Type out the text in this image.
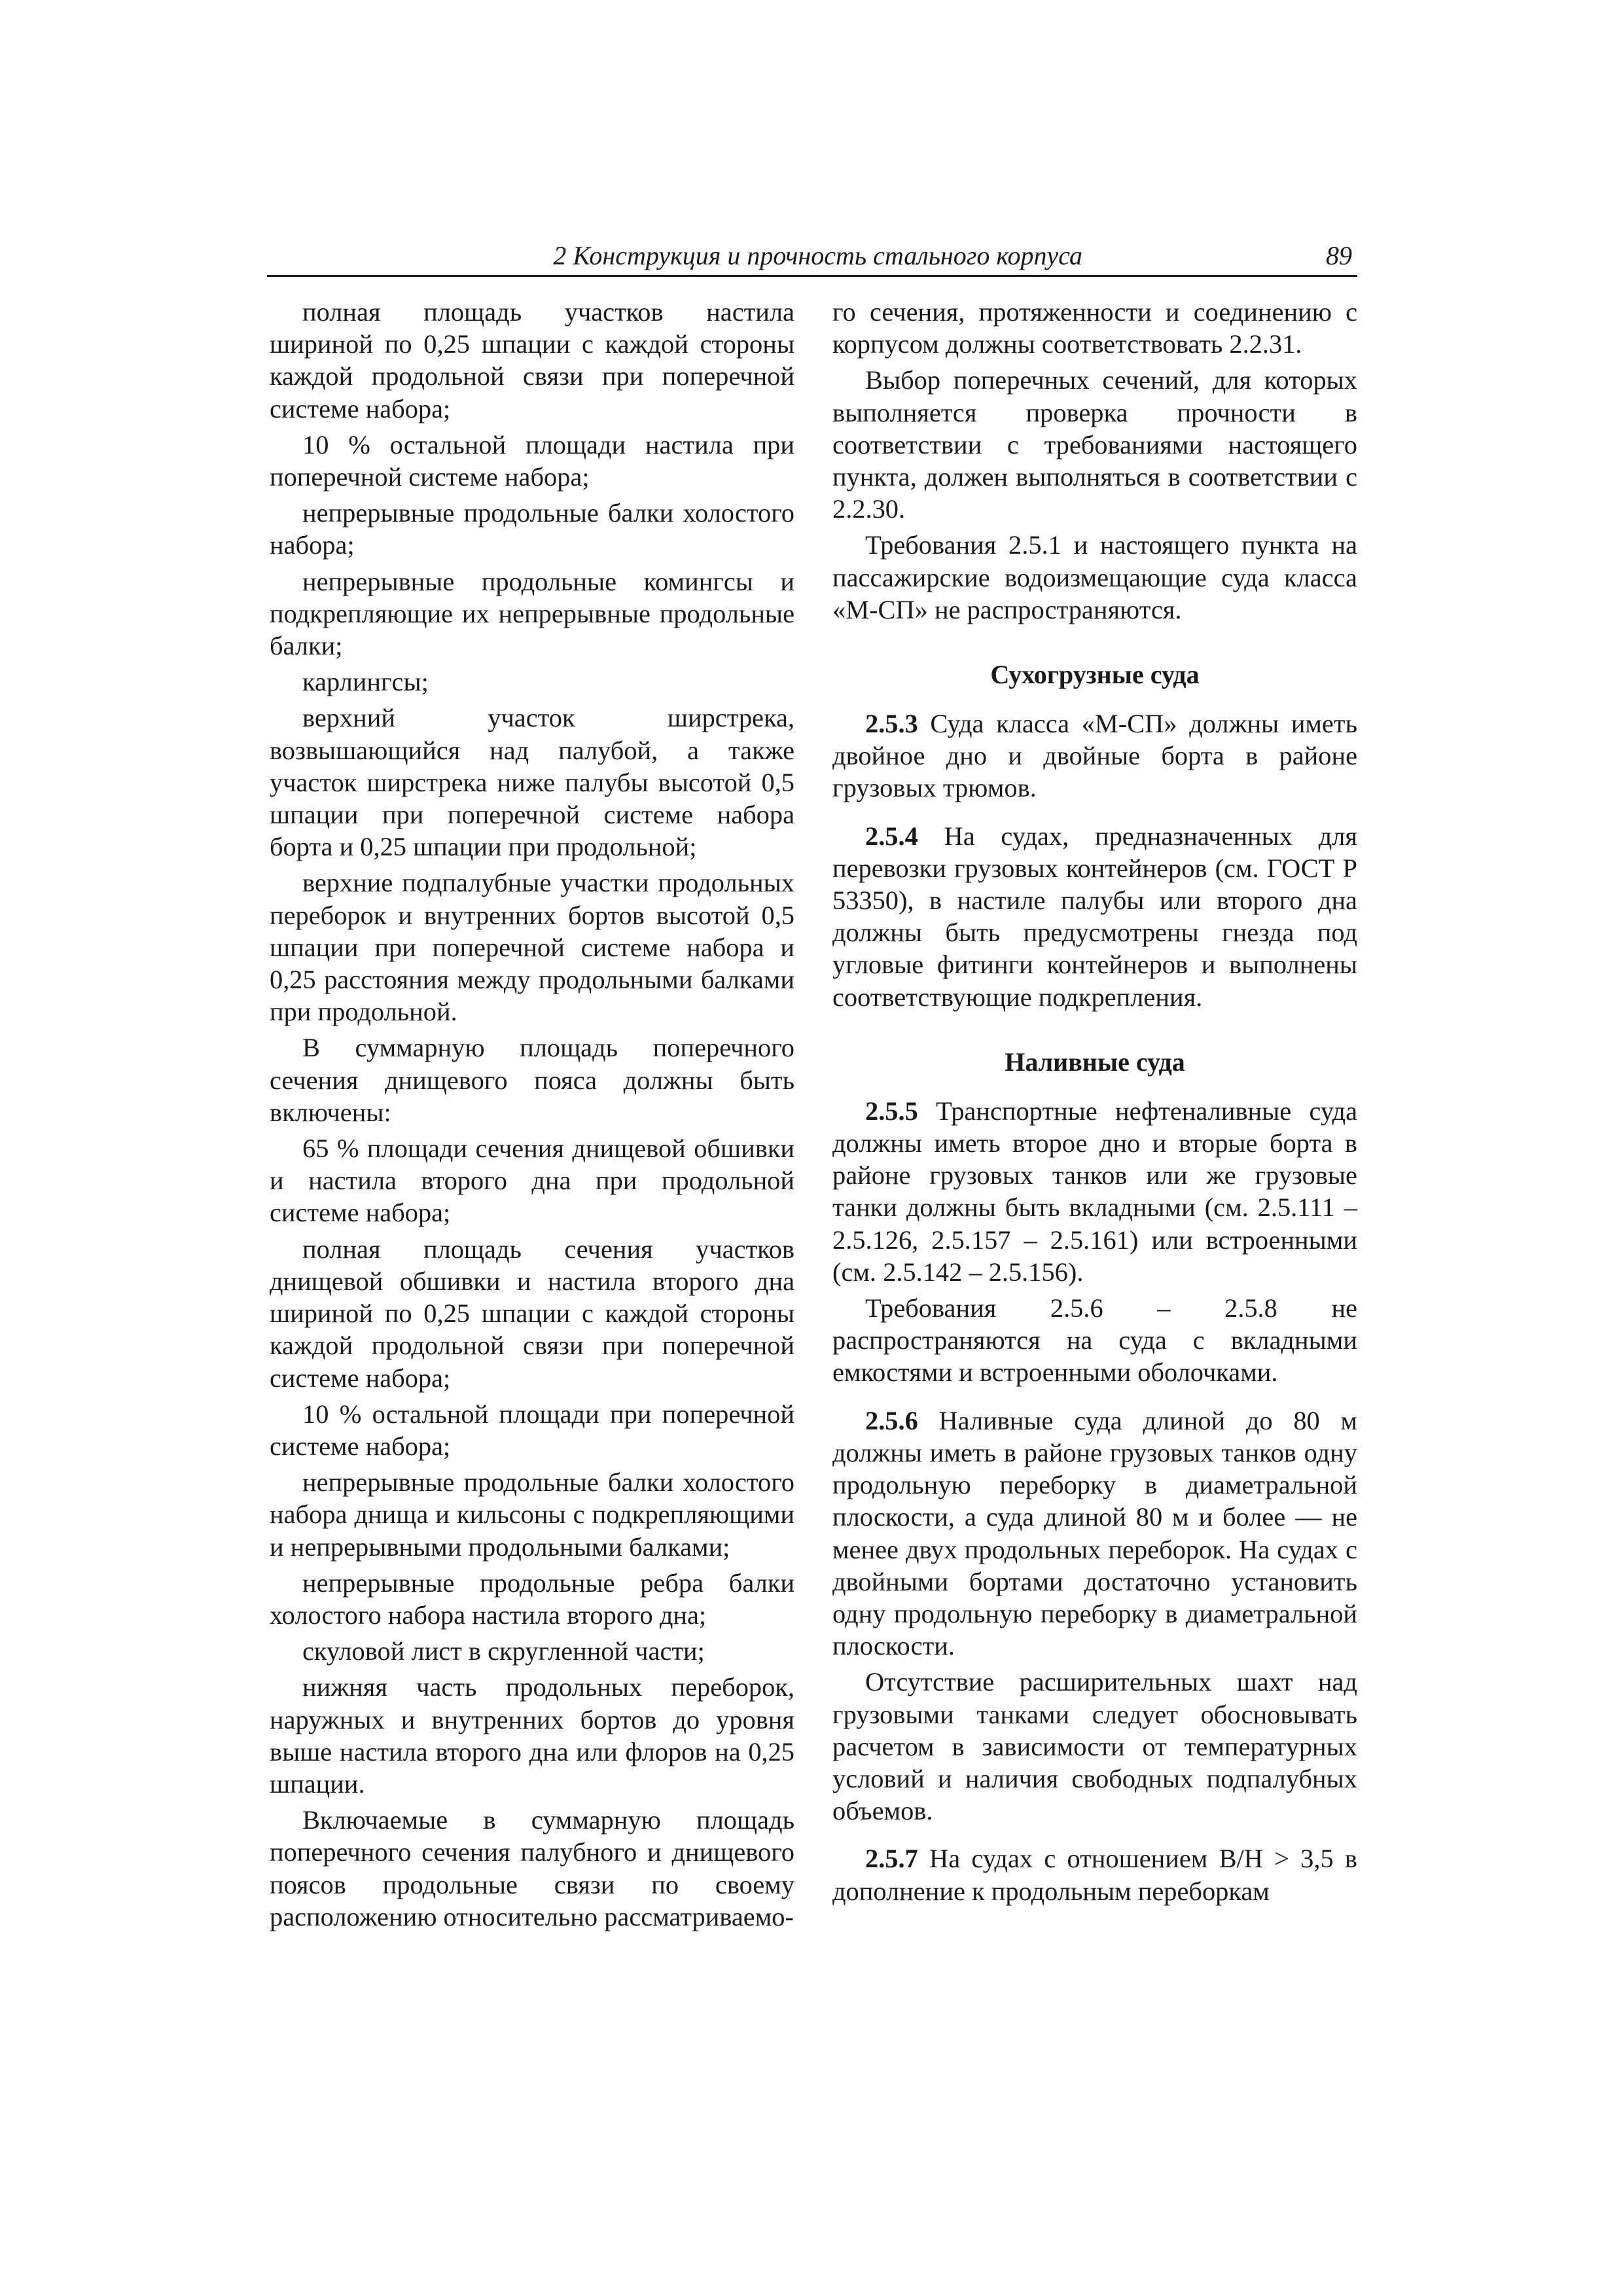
2 Конструкция и прочность стального корпуса	89

полная площадь участков настила шириной по 0,25 шпации с каждой стороны каждой продольной связи при поперечной системе набора;

10 % остальной площади настила при поперечной системе набора;

непрерывные продольные балки холостого набора;

непрерывные продольные комингсы и подкрепляющие их непрерывные продольные балки;

карлингсы;

верхний участок ширстрека, возвышающийся над палубой, а также участок ширстрека ниже палубы высотой 0,5 шпации при поперечной системе набора борта и 0,25 шпации при продольной;

верхние подпалубные участки продольных переборок и внутренних бортов высотой 0,5 шпации при поперечной системе набора и 0,25 расстояния между продольными балками при продольной.

В суммарную площадь поперечного сечения днищевого пояса должны быть включены:

65 % площади сечения днищевой обшивки и настила второго дна при продольной системе набора;

полная площадь сечения участков днищевой обшивки и настила второго дна шириной по 0,25 шпации с каждой стороны каждой продольной связи при поперечной системе набора;

10 % остальной площади при поперечной системе набора;

непрерывные продольные балки холостого набора днища и кильсоны с подкрепляющими и непрерывными продольными балками;

непрерывные продольные ребра балки холостого набора настила второго дна;

скуловой лист в скругленной части;

нижняя часть продольных переборок, наружных и внутренних бортов до уровня выше настила второго дна или флоров на 0,25 шпации.

Включаемые в суммарную площадь поперечного сечения палубного и днищевого поясов продольные связи по своему расположению относительно рассматриваемо-

го сечения, протяженности и соединению с корпусом должны соответствовать 2.2.31.

Выбор поперечных сечений, для которых выполняется проверка прочности в соответствии с требованиями настоящего пункта, должен выполняться в соответствии с 2.2.30.

Требования 2.5.1 и настоящего пункта на пассажирские водоизмещающие суда класса «М-СП» не распространяются.

Сухогрузные суда

2.5.3 Суда класса «М-СП» должны иметь двойное дно и двойные борта в районе грузовых трюмов.

2.5.4 На судах, предназначенных для перевозки грузовых контейнеров (см. ГОСТ Р 53350), в настиле палубы или второго дна должны быть предусмотрены гнезда под угловые фитинги контейнеров и выполнены соответствующие подкрепления.

Наливные суда

2.5.5 Транспортные нефтеналивные суда должны иметь второе дно и вторые борта в районе грузовых танков или же грузовые танки должны быть вкладными (см. 2.5.111 – 2.5.126, 2.5.157 – 2.5.161) или встроенными (см. 2.5.142 – 2.5.156).

Требования 2.5.6 – 2.5.8 не распространяются на суда с вкладными емкостями и встроенными оболочками.

2.5.6 Наливные суда длиной до 80 м должны иметь в районе грузовых танков одну продольную переборку в диаметральной плоскости, а суда длиной 80 м и более — не менее двух продольных переборок. На судах с двойными бортами достаточно установить одну продольную переборку в диаметральной плоскости.

Отсутствие расширительных шахт над грузовыми танками следует обосновывать расчетом в зависимости от температурных условий и наличия свободных подпалубных объемов.

2.5.7 На судах с отношением B/H > 3,5 в дополнение к продольным переборкам
